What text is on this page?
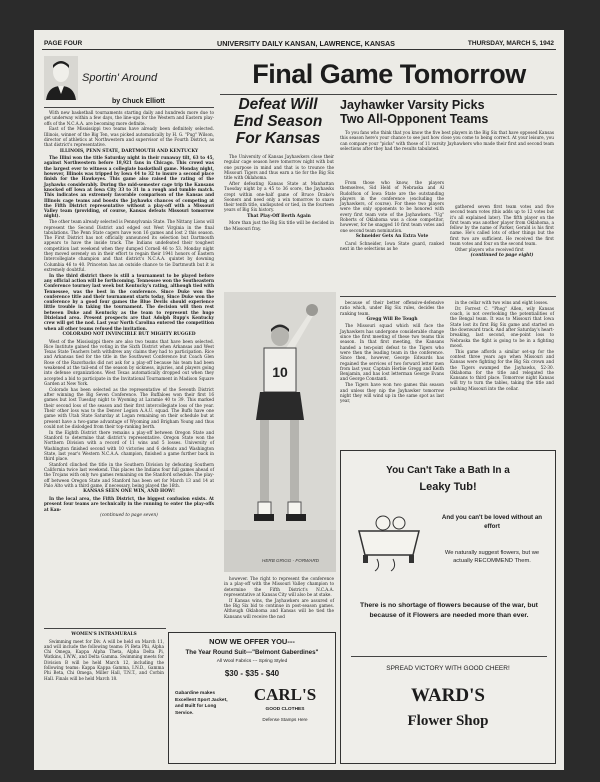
PAGE FOUR	UNIVERSITY DAILY KANSAN, LAWRENCE, KANSAS	THURSDAY, MARCH 5, 1942
Sportin' Around
by Chuck Elliott

With new basketball tournaments starting daily and hundreds more due to get underway within a few days, the line-ups for the Western and Eastern play-offs of the N.C.A.A. are becoming more definite.

East of the Mississippi two teams have already been definitely selected. Illinois, winner of the Big Ten, was picked automatically by H. G. "Pug" Wilson, director of athletics at Northwestern and supervisor of the Fourth District, as that district's representative.

ILLINOIS, PENN STATE, DARTMOUTH AND KENTUCKY

The Illini won the title Saturday night in their runaway tilt, 63 to 45, against Northwestern before 18,921 fans in Chicago. This crowd was the largest ever to witness a collegiate basketball game. Monday night, however, Illinois was tripped by Iowa 44 to 32 to insure a second place finish for the Hawkeyes. This game also raised the rating of the Jayhawks considerably. During the mid-semester cage trip the Kansans knocked off Iowa at Iowa City 33 to 31 in a rough and tumble match. This indicates an extremely favorable comparison of the Kansas and Illinois cage teams and boosts the Jayhawks chances of competing at the Fifth District representative without a play-off with a Missouri Valley team (providing, of course, Kansas defeats Missouri tomorrow night).

The other team already selected is Pennsylvania State. The Nittany Lions will represent the Second District and edged out West Virginia in the final tabulations. The Penn State cagers have won 16 games and lost 2 this season. The First District has not officially announced its selection but Dartmouth appears to have the inside track. The Indians undefeated their toughest competition last weekend when they dumped Cornell 46 to 53. Monday night they moved serenely on in their effort to regain their 1941 honors of Eastern Intercollegiate champion and that district's N.C.A.A. quintet by downing Columbia 46 to 40. Princeton has an outside chance to tie Dartmouth but it is extremely doubtful.

In the third district there is still a tournament to be played before any official action will be forthcoming. Tennessee won the Southeastern Conference tourney last week but Kentucky's rating, although tied with Tennessee, was the best in the conference. Since Duke won the conference title and their tournament starts today, Since Duke won the conference by a good four games the Blue Devils should experience little trouble in taking the tournament. The decision will then rest between Duke and Kentucky as the team to represent the huge Dixieland area. Present prospects are that Adolph Rupp's Kentucky crew will get the nod. Last year North Carolina entered the competition when all other teams refused the invitation.

COLORADO NOT INVINCIBLE BUT MIGHTY RUGGED

West of the Mississippi there are also two teams that have been selected. Rice Institute gained the voting in the Sixth District when Arkansas and West Texas State Teachers both withdrew any claims they had to participation. Rice and Arkansas tied for the title in the Southwest Conference but Coach Glen Rose of the Razorbacks did not ask for a play-off because his team had been weakened at the tail-end of the season by sickness, injuries, and players going into defense organizations. West Texas automatically dropped out when they accepted a bid to participate in the Invitational Tournament in Madison Square Garden at New York.

Colorado has been selected as the representative of the Seventh District after winning the Big Seven Conference. The Buffaloes won their first 16 games but lost Tuesday night to Wyoming at Laramie 40 to 39. This marked their second loss of the season and their first intercollegiate loss of the year. Their other loss was to the Denver Legion A.A.U. squad. The Buffs have one game with Utah State Saturday at Logan remaining on their schedule but at present have a two-game advantage of Wyoming and Brigham Young and thus could not be dislodged from their top-ranking berth.

In the Eighth District there remains a play-off between Oregon State and Stanford to determine that district's representative. Oregon State won the Northern Division with a record of 11 wins and 5 losses. University of Washington finished second with 10 victories and 6 defeats and Washington State, last year's Western N.C.A.A. champion, finished a game further back in third place.

Stanford clinched the title in the Southern Division by defeating Southern California twice last weekend. This places the Indians four full games ahead of the Trojans with only two games remaining on the Stanford schedule. The play-off between Oregon State and Stanford has been set for March 13 and 14 at Palo Alto with a third game, if necessary, being played the 16th.

KANSAS SEEN ONE WIN, AND HOW!

In the local area, the Fifth District, the biggest confusion exists. At present four teams are technically in the running to enter the play-offs at Kan-

(continued to page seven)
WOMEN'S INTRAMURALS

Swimming meet for Div. A will be held on March 11, and will include the following teams: Pi Beta Phi, Alpha Chi Omega, Kappa Alpha Theta, Alpha Delta Pi, Watkins, I.W.W., and Delta Gamma. Swimming meets for Division B will be held March 12, including the following teams: Kappa Kappa Gamma, I.N.D., Gamma Phi Beta, Chi Omega, Miller Hall, T.N.T., and Corbin Hall. Finals will be held March 18.

Final Game Tomorrow
Defeat Will
End Season
For Kansas

The University of Kansas Jayhawkers close their regular cage season here tomorrow night with but one purpose in mind and that is to trounce the Missouri Tigers and thus earn a tie for the Big Six title with Oklahoma.

After defeating Kansas State at Manhattan Tuesday night by a 45 to 36 score, the Jayhawks crept within one-half game of Bruce Drake's Sooners and need only a win tomorrow to snare their tenth title, undisputed or tied, in the fourteen years of Big Six history.

That Play-Off Berth Again

More than just the Big Six title will be decided in the Missouri fray.

10
HERB GRIGG - FORWARD

however. The right to represent the conference in a play-off with the Missouri Valley champion to determine the Fifth District's N.C.A.A. representative at Kansas City will also be at stake.

If Kansas wins, the Jayhawkers are assured of the Big Six bid to continue in post-season games. Although Oklahoma and Kansas will be tied the Kansans will receive the nod

Jayhawker Varsity Picks
Two All-Opponent Teams

To you fans who think that you know the five best players in the Big Six that have opposed Kansas this season here's your chance to see just how close you come to being correct. At your leisure, you can compare your "picks" with those of 11 varsity Jayhawkers who made their first and second team selections after they had the results tabulated.

From those who know, the players themselves, Sid Held of Nebraska and Al Rudolfson of Iowa State are the outstanding players in the conference (excluding the Jayhawkers, of course). For these two players were the only opponents to be honored with every first team vote of the Jayhawkers. "Ug" Roberts of Oklahoma was a close competitor, however, for he snagged 10 first team votes and one second team nomination.

Schneider Gets An Extra Vote

Carol Schneider, Iowa State guard, ranked next in the selections as he

gathered seven first team votes and five second team votes (this adds up to 12 votes but it's all explained later). The fifth player on the first team was another player from Oklahoma, a fellow by the name of Parker, Gerald is his first name. He's called lots of other things but the first two are sufficient. He received the first team votes and four on the second team.

Other players who received first

(continued to page eight)

because of their better offensive-defensive ratio which, under Big Six rules, decides the ranking team.

Gregg Will Be Tough

The Missouri squad which will face the Jayhawkers has undergone considerable change since the first meeting of these two teams this season. In that first meeting, the Kansans handed a ten-point defeat to the Tigers who were then the leading team in the conference. Since then, however, George Edwards has regained the services of two forward letter men from last year, Captain Herbie Gregg and Keith Benjamin, and has lost letterman George Evans and George Constanti.

The Tigers have won two games this season and unless they nip the Jayhawker tomorrow night they will wind up in the same spot as last year,

in the cellar with two wins and eight losses.

Dr. Forrest C. "Phog" Allen, wily Kansas coach, is not overlooking the potentialities of the Bengal team. It was to Missouri that Iowa State lost its first Big Six game and started on the downward track. And after Saturday's heart-breaking, last second, one-point loss to Nebraska the fight is going to be in a fighting mood.

This game affords a similar set-up for the contest three years ago when Missouri and Kansas were fighting for the Big Six crown and the Tigers swamped the Jayhawks, 52-30. Oklahoma for the title and relegated the Kansans to third place. Tomorrow night Kansas will try to turn the tables, taking the title and pushing Missouri into the cellar.

You Can't Take a Bath In a
Leaky Tub!
And you can't be loved without an effort
We naturally suggest flowers, but we actually RECOMMEND Them.
There is no shortage of flowers because of the war, but because of it Flowers are needed more than ever.
SPREAD VICTORY WITH GOOD CHEER!
WARD'S
Flower Shop
NOW WE OFFER YOU---
The Year Round Suit---"Belmont Gaberdines"
All Wool Fabrics --- Spring Styled
$30 - $35 - $40
Gabardine makes Excellent Sport Jacket, and Built for Long Service.
CARL'S
GOOD CLOTHES
Defense Stamps Here
